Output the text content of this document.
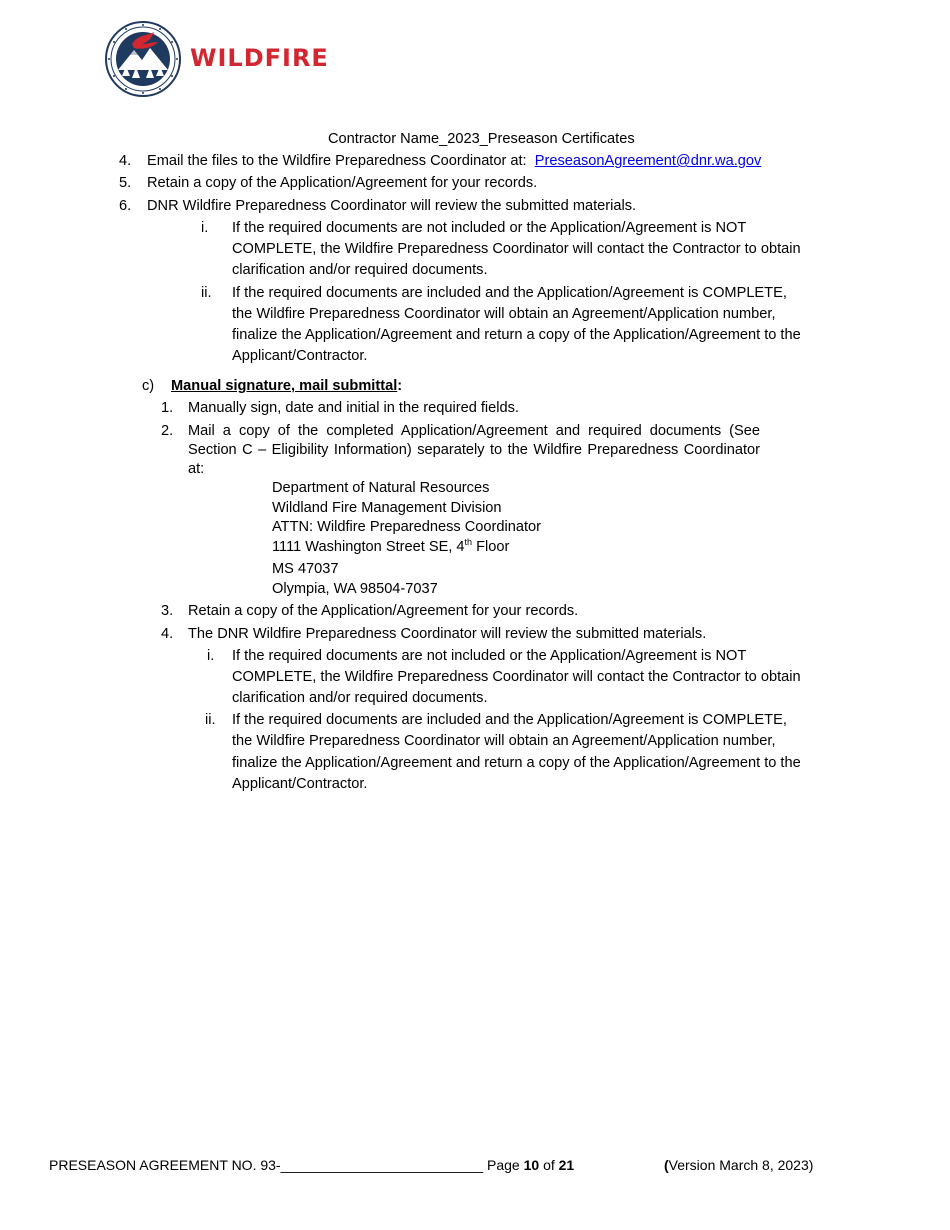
WILDFIRE
Contractor Name_2023_Preseason Certificates
4. Email the files to the Wildfire Preparedness Coordinator at: PreseasonAgreement@dnr.wa.gov
5. Retain a copy of the Application/Agreement for your records.
6. DNR Wildfire Preparedness Coordinator will review the submitted materials.
i. If the required documents are not included or the Application/Agreement is NOT
COMPLETE, the Wildfire Preparedness Coordinator will contact the Contractor to obtain
clarification and/or required documents.
ii. If the required documents are included and the Application/Agreement is COMPLETE,
the Wildfire Preparedness Coordinator will obtain an Agreement/Application number,
finalize the Application/Agreement and return a copy of the Application/Agreement to the
Applicant/Contractor.
c) Manual signature, mail submittal:
1. Manually sign, date and initial in the required fields.
2. Mail a copy of the completed Application/Agreement and required documents (See Section C – Eligibility Information) separately to the Wildfire Preparedness Coordinator at:
Department of Natural Resources
Wildland Fire Management Division
ATTN: Wildfire Preparedness Coordinator
1111 Washington Street SE, 4th Floor
MS 47037
Olympia, WA 98504-7037
3. Retain a copy of the Application/Agreement for your records.
4. The DNR Wildfire Preparedness Coordinator will review the submitted materials.
i. If the required documents are not included or the Application/Agreement is NOT
COMPLETE, the Wildfire Preparedness Coordinator will contact the Contractor to obtain
clarification and/or required documents.
ii. If the required documents are included and the Application/Agreement is COMPLETE,
the Wildfire Preparedness Coordinator will obtain an Agreement/Application number,
finalize the Application/Agreement and return a copy of the Application/Agreement to the
Applicant/Contractor.
PRESEASON AGREEMENT NO. 93-__________________________ Page 10 of 21	(Version March 8, 2023)
